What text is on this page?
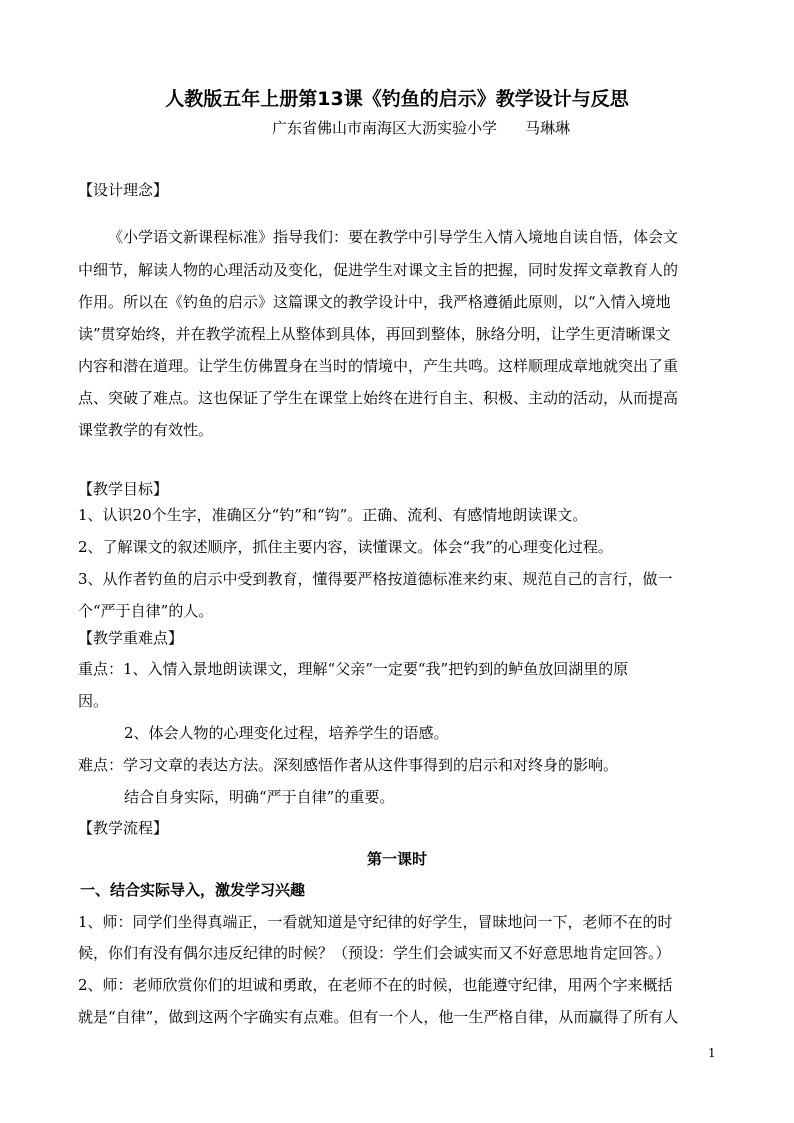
人教版五年上册第13课《钓鱼的启示》教学设计与反思
广东省佛山市南海区大沥实验小学 马琳琳
【设计理念】
《小学语文新课程标准》指导我们：要在教学中引导学生入情入境地自读自悟，体会文
中细节，解读人物的心理活动及变化，促进学生对课文主旨的把握，同时发挥文章教育人的
作用。所以在《钓鱼的启示》这篇课文的教学设计中，我严格遵循此原则，以“入情入境地
读”贯穿始终，并在教学流程上从整体到具体，再回到整体，脉络分明，让学生更清晰课文
内容和潜在道理。让学生仿佛置身在当时的情境中，产生共鸣。这样顺理成章地就突出了重
点、突破了难点。这也保证了学生在课堂上始终在进行自主、积极、主动的活动，从而提高
课堂教学的有效性。
【教学目标】
1、认识20个生字，准确区分“钓”和“钩”。正确、流利、有感情地朗读课文。
2、了解课文的叙述顺序，抓住主要内容，读懂课文。体会“我”的心理变化过程。
3、从作者钓鱼的启示中受到教育，懂得要严格按道德标准来约束、规范自己的言行，做一
个“严于自律”的人。
【教学重难点】
重点：1、入情入景地朗读课文，理解“父亲”一定要“我”把钓到的鲈鱼放回湖里的原
因。
2、体会人物的心理变化过程，培养学生的语感。
难点：学习文章的表达方法。深刻感悟作者从这件事得到的启示和对终身的影响。
结合自身实际，明确“严于自律”的重要。
【教学流程】
第一课时
一、结合实际导入，激发学习兴趣
1、师：同学们坐得真端正，一看就知道是守纪律的好学生，冒昧地问一下，老师不在的时
候，你们有没有偶尔违反纪律的时候？（预设：学生们会诚实而又不好意思地肯定回答。）
2、师：老师欣赏你们的坦诚和勇敢，在老师不在的时候，也能遵守纪律，用两个字来概括
就是“自律”，做到这两个字确实有点难。但有一个人，他一生严格自律，从而赢得了所有人
1
